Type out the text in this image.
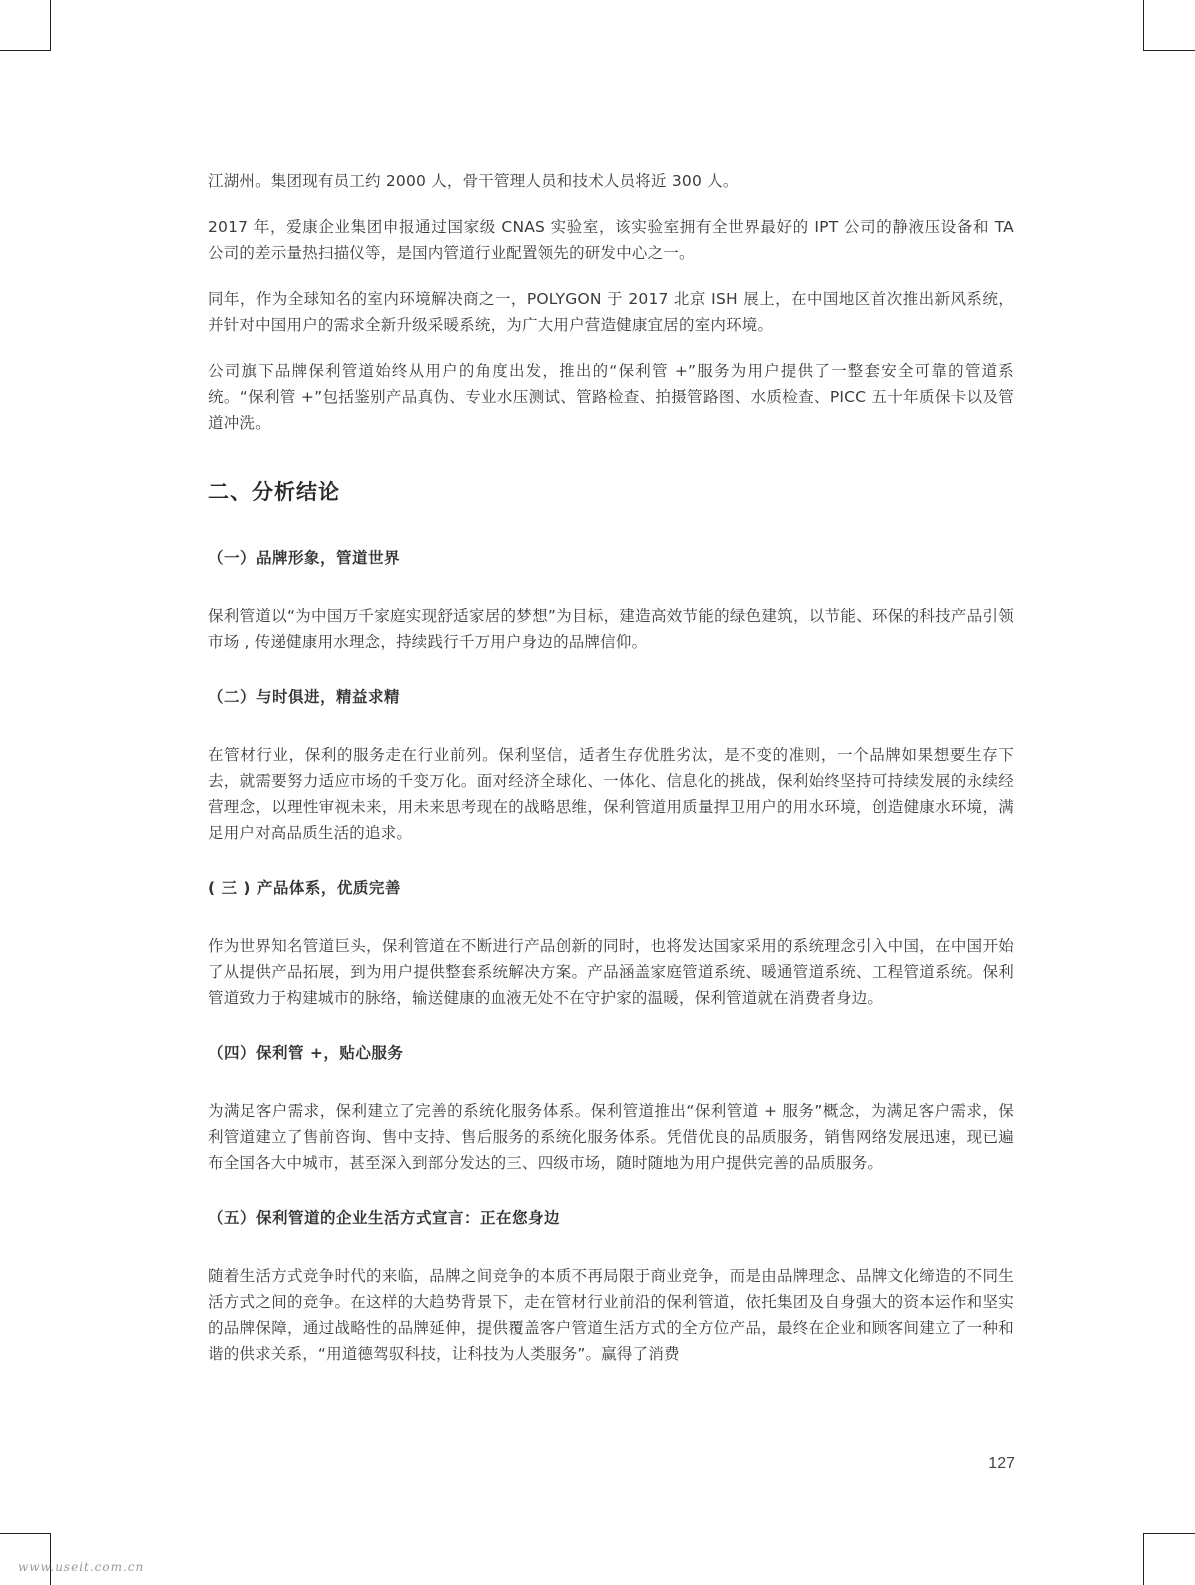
江湖州。集团现有员工约 2000 人，骨干管理人员和技术人员将近 300 人。

2017 年，爱康企业集团申报通过国家级 CNAS 实验室，该实验室拥有全世界最好的 IPT 公司的静液压设备和 TA 公司的差示量热扫描仪等，是国内管道行业配置领先的研发中心之一。

同年，作为全球知名的室内环境解决商之一，POLYGON 于 2017 北京 ISH 展上，在中国地区首次推出新风系统，并针对中国用户的需求全新升级采暖系统，为广大用户营造健康宜居的室内环境。

公司旗下品牌保利管道始终从用户的角度出发，推出的“保利管 +”服务为用户提供了一整套安全可靠的管道系统。“保利管 +”包括鉴别产品真伪、专业水压测试、管路检查、拍摄管路图、水质检查、PICC 五十年质保卡以及管道冲洗。

二、分析结论
（一）品牌形象，管道世界

保利管道以“为中国万千家庭实现舒适家居的梦想”为目标，建造高效节能的绿色建筑，以节能、环保的科技产品引领市场 , 传递健康用水理念，持续践行千万用户身边的品牌信仰。

（二）与时俱进，精益求精

在管材行业，保利的服务走在行业前列。保利坚信，适者生存优胜劣汰，是不变的准则，一个品牌如果想要生存下去，就需要努力适应市场的千变万化。面对经济全球化、一体化、信息化的挑战，保利始终坚持可持续发展的永续经营理念，以理性审视未来，用未来思考现在的战略思维，保利管道用质量捍卫用户的用水环境，创造健康水环境，满足用户对高品质生活的追求。

( 三 ) 产品体系，优质完善

作为世界知名管道巨头，保利管道在不断进行产品创新的同时，也将发达国家采用的系统理念引入中国，在中国开始了从提供产品拓展，到为用户提供整套系统解决方案。产品涵盖家庭管道系统、暖通管道系统、工程管道系统。保利管道致力于构建城市的脉络，输送健康的血液无处不在守护家的温暖，保利管道就在消费者身边。

（四）保利管 +，贴心服务

为满足客户需求，保利建立了完善的系统化服务体系。保利管道推出“保利管道 + 服务”概念，为满足客户需求，保利管道建立了售前咨询、售中支持、售后服务的系统化服务体系。凭借优良的品质服务，销售网络发展迅速，现已遍布全国各大中城市，甚至深入到部分发达的三、四级市场，随时随地为用户提供完善的品质服务。

（五）保利管道的企业生活方式宣言：正在您身边

随着生活方式竞争时代的来临，品牌之间竞争的本质不再局限于商业竞争，而是由品牌理念、品牌文化缔造的不同生活方式之间的竞争。在这样的大趋势背景下，走在管材行业前沿的保利管道，依托集团及自身强大的资本运作和坚实的品牌保障，通过战略性的品牌延伸，提供覆盖客户管道生活方式的全方位产品，最终在企业和顾客间建立了一种和谐的供求关系，“用道德驾驭科技，让科技为人类服务”。赢得了消费

127
www.useit.com.cn
